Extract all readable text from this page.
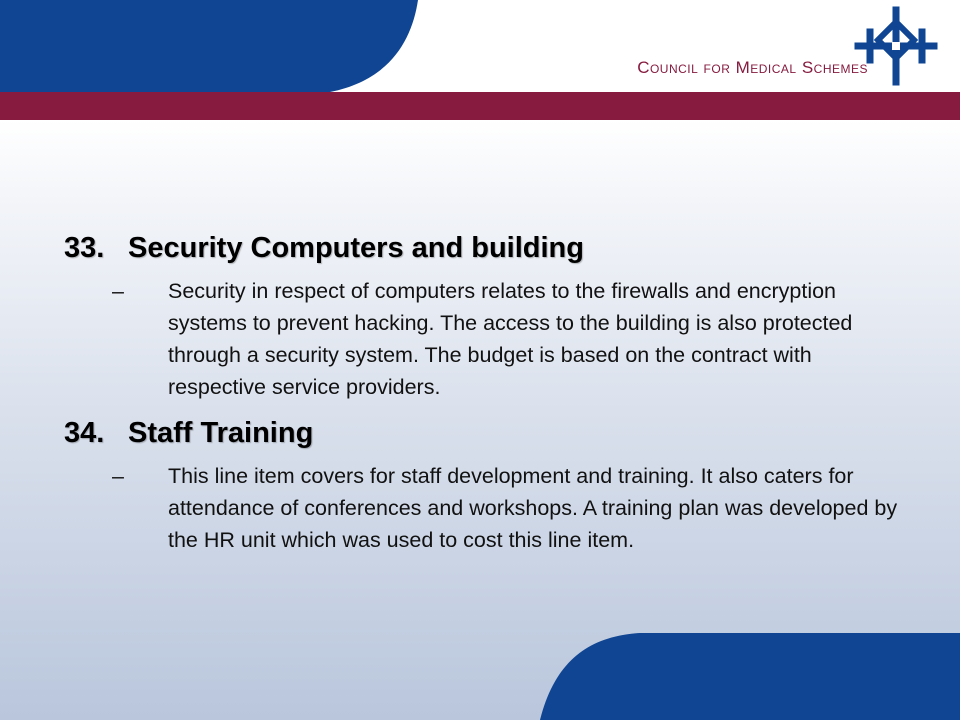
Council for Medical Schemes
33. Security Computers and building
–	Security in respect of computers relates to the firewalls and encryption systems to prevent hacking. The access to the building is also protected through a security system. The budget is based on the contract with respective service providers.
34. Staff Training
–	This line item covers for staff development and training. It also caters for attendance of conferences and workshops. A training plan was developed by the HR unit which was used to cost this line item.
